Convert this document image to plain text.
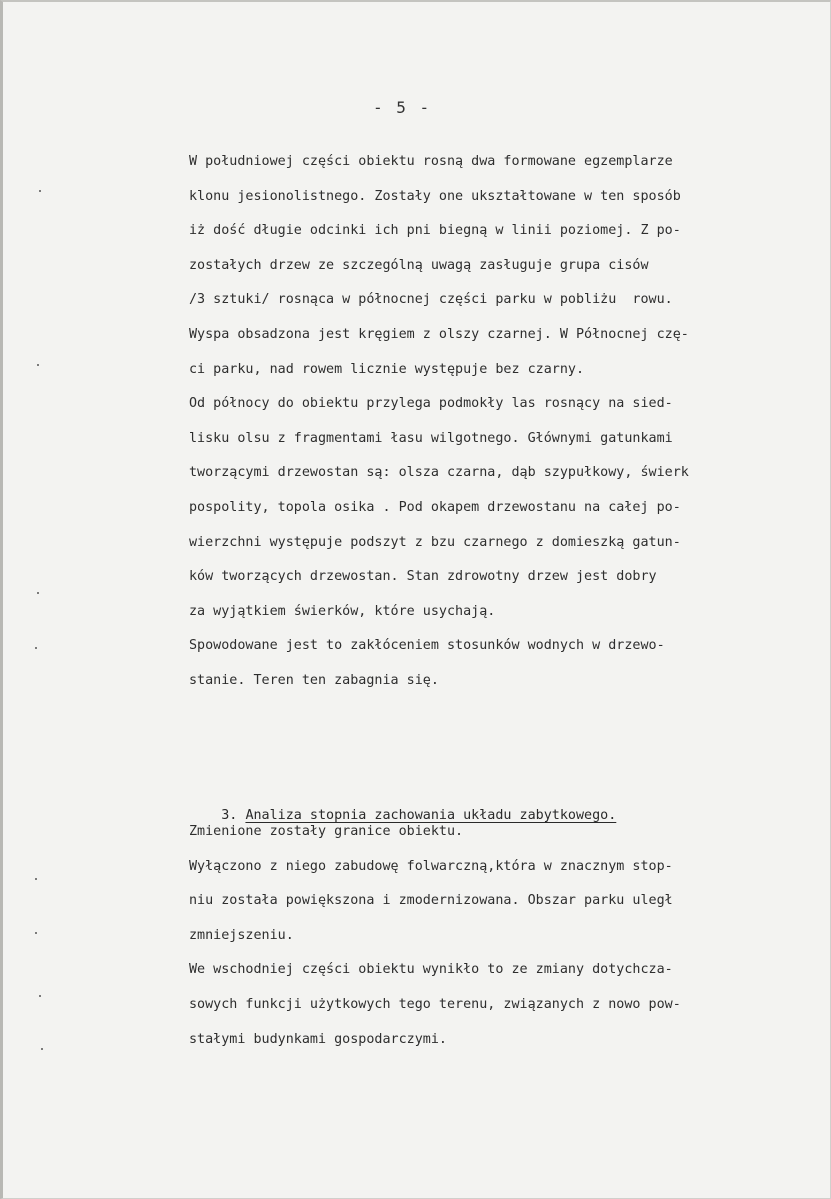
- 5 -
W południowej części obiektu rosną dwa formowane egzemplarze
klonu jesionolistnego. Zostały one ukształtowane w ten sposób
iż dość długie odcinki ich pni biegną w linii poziomej. Z po-
zostałych drzew ze szczególną uwagą zasługuje grupa cisów
/3 sztuki/ rosnąca w północnej części parku w pobliżu  rowu.
Wyspa obsadzona jest kręgiem z olszy czarnej. W Północnej czę-
ci parku, nad rowem licznie występuje bez czarny.
Od północy do obiektu przylega podmokły las rosnący na sied-
lisku olsu z fragmentami łasu wilgotnego. Głównymi gatunkami
tworzącymi drzewostan są: olsza czarna, dąb szypułkowy, świerk
pospolity, topola osika . Pod okapem drzewostanu na całej po-
wierzchni występuje podszyt z bzu czarnego z domieszką gatun-
ków tworzących drzewostan. Stan zdrowotny drzew jest dobry
za wyjątkiem świerków, które usychają.
Spowodowane jest to zakłóceniem stosunków wodnych w drzewo-
stanie. Teren ten zabagnia się.

3. Analiza stopnia zachowania układu zabytkowego.

Zmienione zostały granice obiektu.
Wyłączono z niego zabudowę folwarczną,która w znacznym stop-
niu została powiększona i zmodernizowana. Obszar parku uległ
zmniejszeniu.
We wschodniej części obiektu wynikło to ze zmiany dotychcza-
sowych funkcji użytkowych tego terenu, związanych z nowo pow-
stałymi budynkami gospodarczymi.
